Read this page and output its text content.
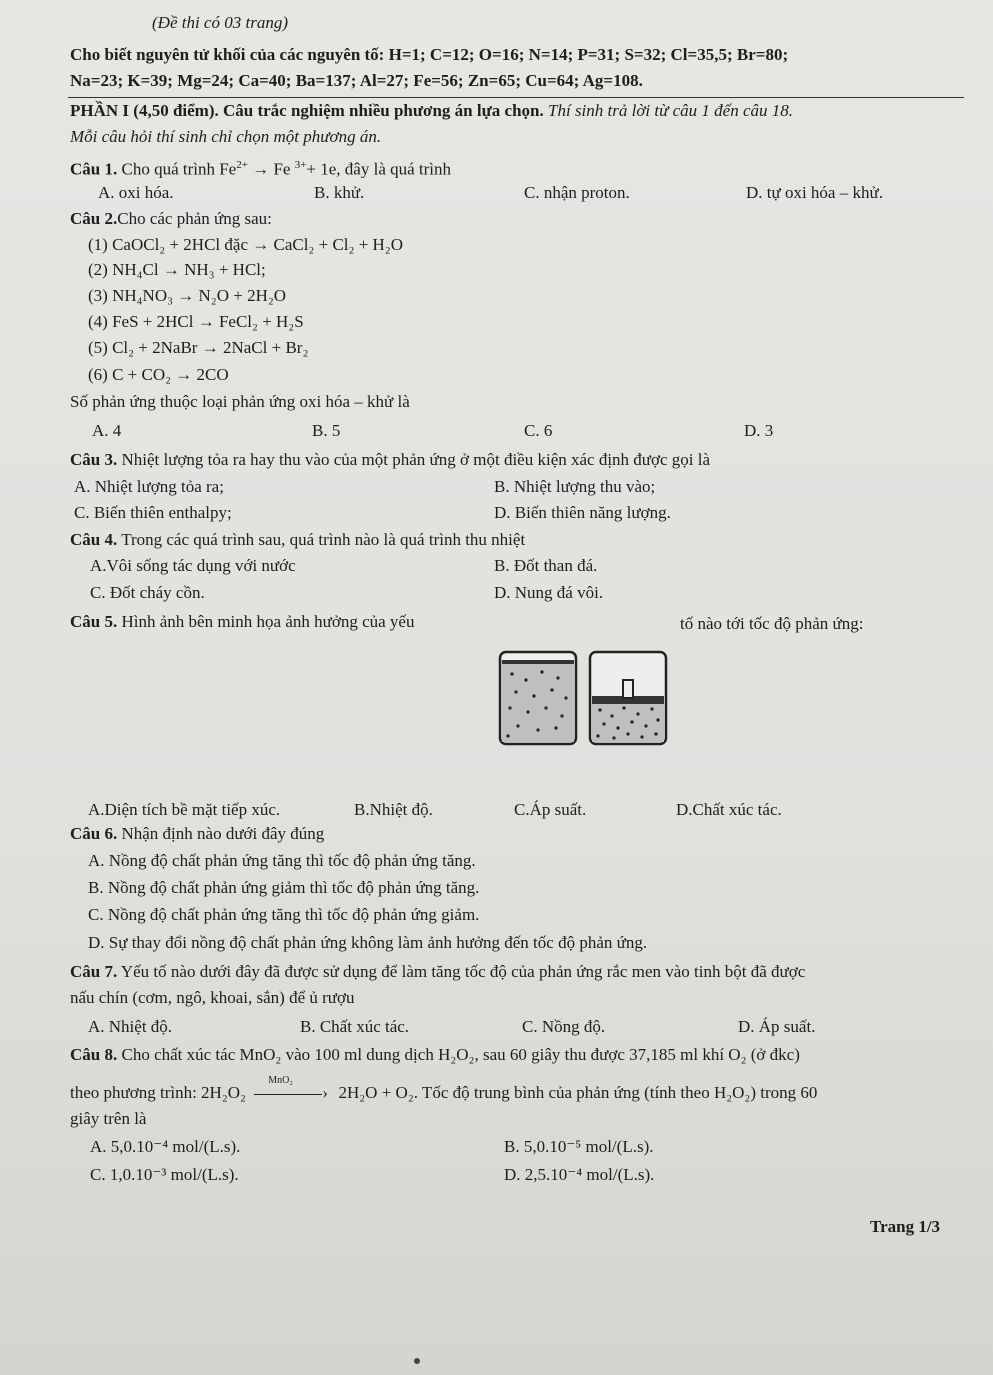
(Đề thi có 03 trang)
Cho biết nguyên tử khối của các nguyên tố: H=1; C=12; O=16; N=14; P=31; S=32; Cl=35,5; Br=80;
Na=23; K=39; Mg=24; Ca=40; Ba=137; Al=27; Fe=56; Zn=65; Cu=64; Ag=108.
PHẦN I (4,50 điểm). Câu trắc nghiệm nhiều phương án lựa chọn. Thí sinh trả lời từ câu 1 đến câu 18.
Mỗi câu hỏi thí sinh chỉ chọn một phương án.
Câu 1. Cho quá trình $Fe^{2+} \to Fe$ $^{3+}$+ 1e, đây là quá trình
A. oxi hóa.	B. khử.	C. nhận proton.	D. tự oxi hóa – khử.
Câu 2.Cho các phản ứng sau:
(1) CaOCl₂ + 2HCl đặc → CaCl₂ + Cl₂ + H₂O
(2) NH₄Cl → NH₃ + HCl;
(3) NH₄NO₃ → N₂O + 2H₂O
(4) FeS + 2HCl → FeCl₂ + H₂S
(5) Cl₂ + 2NaBr → 2NaCl + Br₂
(6) C + CO₂ → 2CO
Số phản ứng thuộc loại phản ứng oxi hóa – khử là
A. 4	B. 5	C. 6	D. 3
Câu 3. Nhiệt lượng tỏa ra hay thu vào của một phản ứng ở một điều kiện xác định được gọi là
A. Nhiệt lượng tỏa ra;	B. Nhiệt lượng thu vào;
C. Biến thiên enthalpy;	D. Biến thiên năng lượng.
Câu 4. Trong các quá trình sau, quá trình nào là quá trình thu nhiệt
A.Vôi sống tác dụng với nước	B. Đốt than đá.
C. Đốt cháy cồn.	D. Nung đá vôi.
Câu 5. Hình ảnh bên minh họa ảnh hưởng của yếu	tố nào tới tốc độ phản ứng:
A.Diện tích bề mặt tiếp xúc.	B.Nhiệt độ.	C.Áp suất.	D.Chất xúc tác.
Câu 6. Nhận định nào dưới đây đúng
A. Nồng độ chất phản ứng tăng thì tốc độ phản ứng tăng.
B. Nồng độ chất phản ứng giảm thì tốc độ phản ứng tăng.
C. Nồng độ chất phản ứng tăng thì tốc độ phản ứng giảm.
D. Sự thay đổi nồng độ chất phản ứng không làm ảnh hưởng đến tốc độ phản ứng.
Câu 7. Yếu tố nào dưới đây đã được sử dụng để làm tăng tốc độ của phản ứng rắc men vào tinh bột đã được
nấu chín (cơm, ngô, khoai, sắn) để ủ rượu
A. Nhiệt độ.	B. Chất xúc tác.	C. Nồng độ.	D. Áp suất.
Câu 8. Cho chất xúc tác MnO₂ vào 100 ml dung dịch H₂O₂, sau 60 giây thu được 37,185 ml khí O₂ (ở đkc)
theo phương trình: 2H₂O₂
MnO₂
› 2H₂O + O₂. Tốc độ trung bình của phản ứng (tính theo H₂O₂) trong 60
giây trên là
A. 5,0.10⁻⁴ mol/(L.s).	B. 5,0.10⁻⁵ mol/(L.s).
C. 1,0.10⁻³ mol/(L.s).	D. 2,5.10⁻⁴ mol/(L.s).
Trang 1/3
